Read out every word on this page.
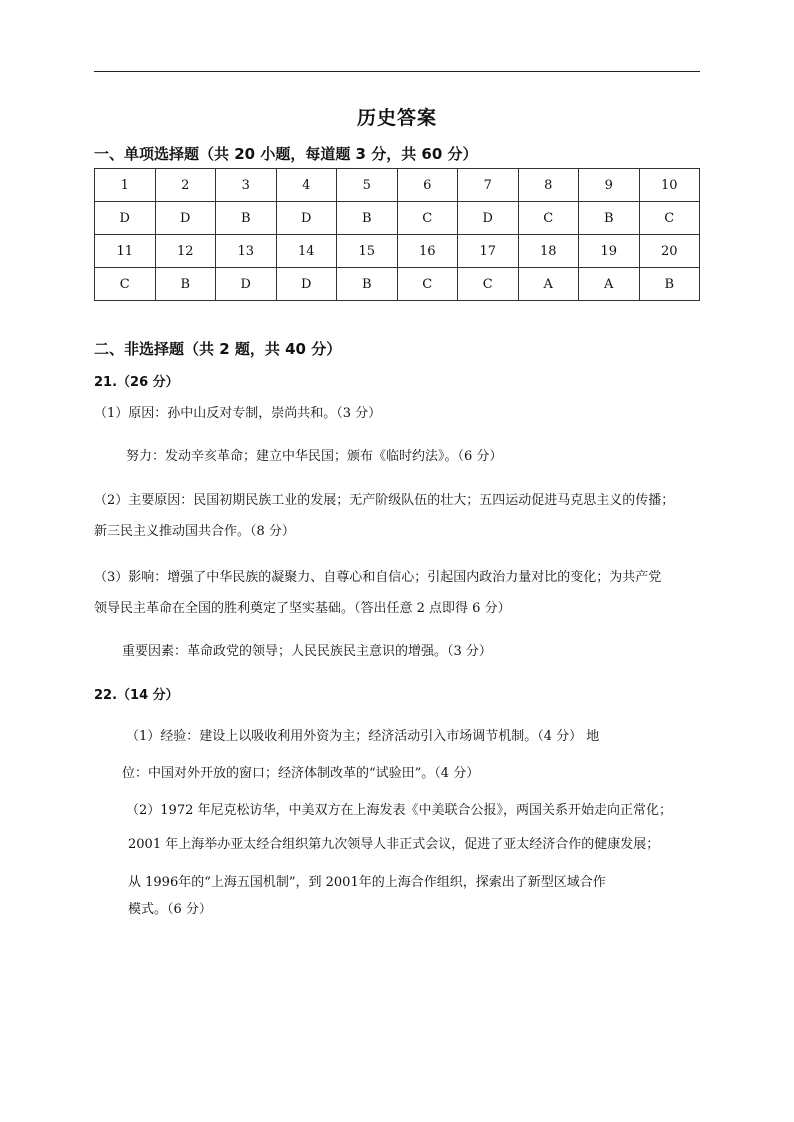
历史答案
一、单项选择题（共 20 小题，每道题 3 分，共 60 分）
1	2	3	4	5	6	7	8	9	10
D	D	B	D	B	C	D	C	B	C
11	12	13	14	15	16	17	18	19	20
C	B	D	D	B	C	C	A	A	B
二、非选择题（共 2 题，共 40 分）
21.（26 分）
（1）原因：孙中山反对专制，崇尚共和。（3 分）
努力：发动辛亥革命；建立中华民国；颁布《临时约法》。（6 分）
（2）主要原因：民国初期民族工业的发展；无产阶级队伍的壮大；五四运动促进马克思主义的传播；
新三民主义推动国共合作。（8 分）
（3）影响：增强了中华民族的凝聚力、自尊心和自信心；引起国内政治力量对比的变化；为共产党
领导民主革命在全国的胜利奠定了坚实基础。（答出任意 2 点即得 6 分）
重要因素：革命政党的领导；人民民族民主意识的增强。（3 分）
22.（14 分）
（1）经验：建设上以吸收利用外资为主；经济活动引入市场调节机制。（4 分） 地
位：中国对外开放的窗口；经济体制改革的“试验田”。（4 分）
（2）1972 年尼克松访华，中美双方在上海发表《中美联合公报》，两国关系开始走向正常化；
2001 年上海举办亚太经合组织第九次领导人非正式会议，促进了亚太经济合作的健康发展；
从 1996年的“上海五国机制”，到 2001年的上海合作组织，探索出了新型区域合作
模式。（6 分）
